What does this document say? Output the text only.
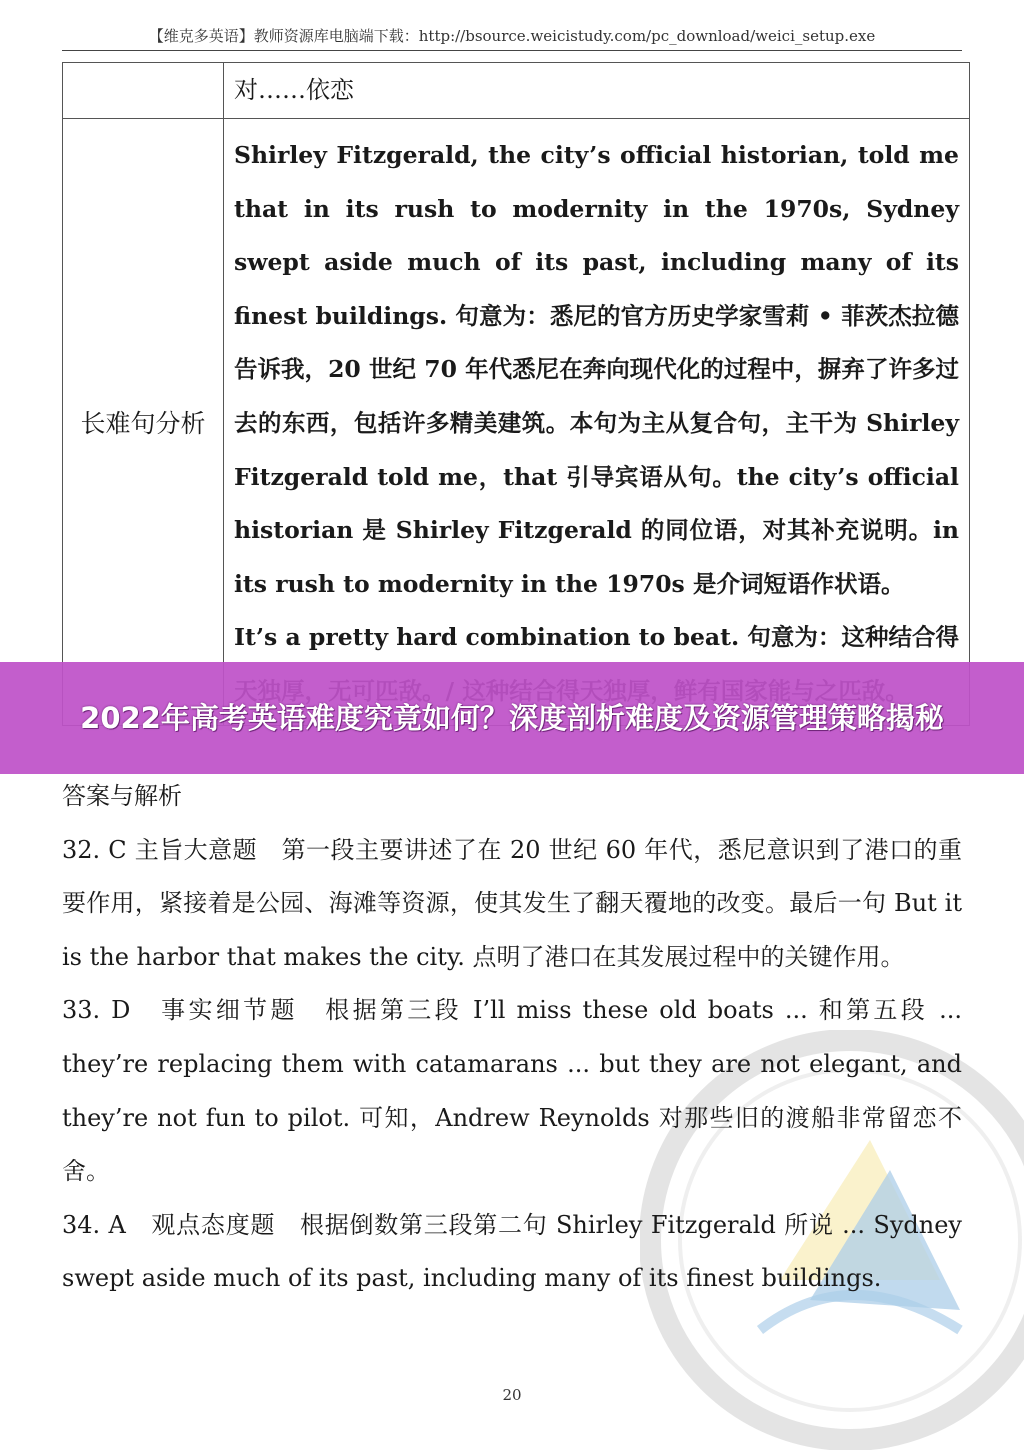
【维克多英语】教师资源库电脑端下载：http://bsource.weicistudy.com/pc_download/weici_setup.exe
	对……依恋
长难句分析	Shirley Fitzgerald, the city’s official historian, told me that in its rush to modernity in the 1970s, Sydney swept aside much of its past, including many of its finest buildings. 句意为：悉尼的官方历史学家雪莉 • 菲茨杰拉德告诉我，20 世纪 70 年代悉尼在奔向现代化的过程中，摒弃了许多过去的东西，包括许多精美建筑。本句为主从复合句，主干为 Shirley Fitzgerald told me，that 引导宾语从句。the city’s official historian 是 Shirley Fitzgerald 的同位语，对其补充说明。in its rush to modernity in the 1970s 是介词短语作状语。
It’s a pretty hard combination to beat. 句意为：这种结合得
2022年高考英语难度究竟如何？深度剖析难度及资源管理策略揭秘

答案与解析

32. C 主旨大意题　第一段主要讲述了在 20 世纪 60 年代，悉尼意识到了港口的重要作用，紧接着是公园、海滩等资源，使其发生了翻天覆地的改变。最后一句 But it is the harbor that makes the city. 点明了港口在其发展过程中的关键作用。

33. D　事实细节题　根据第三段 I’ll miss these old boats ... 和第五段 ... they’re replacing them with catamarans ... but they are not elegant, and they’re not fun to pilot. 可知，Andrew Reynolds 对那些旧的渡船非常留恋不舍。

34. A　观点态度题　根据倒数第三段第二句 Shirley Fitzgerald 所说 ... Sydney swept aside much of its past, including many of its finest buildings.

20
